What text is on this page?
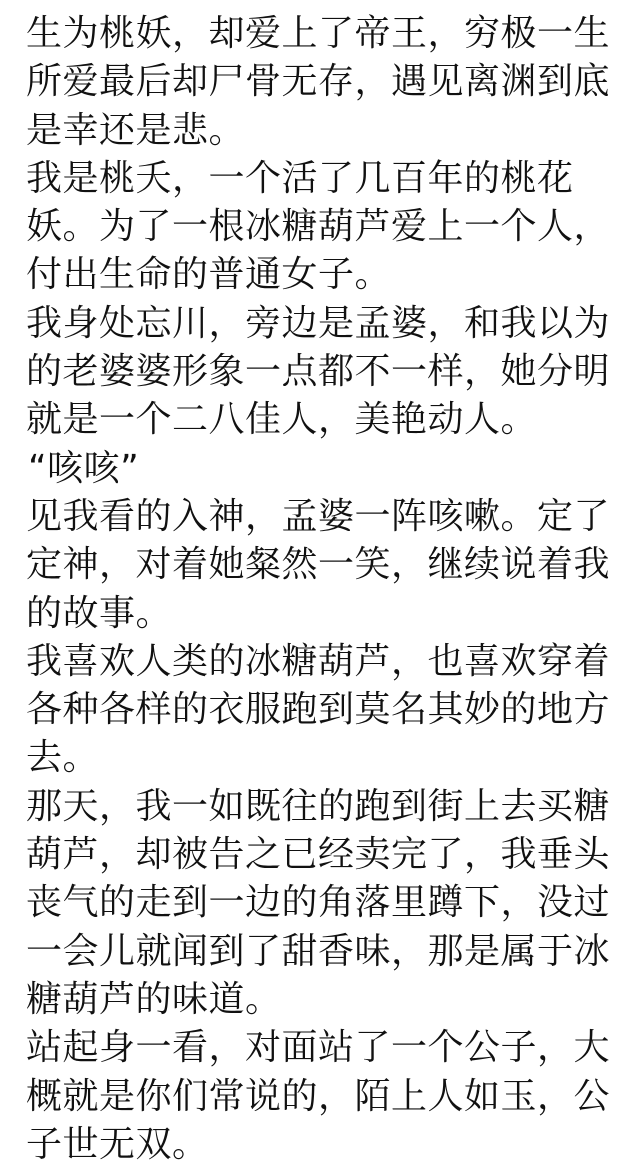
生为桃妖，却爱上了帝王，穷极一生
所爱最后却尸骨无存，遇见离渊到底
是幸还是悲。
我是桃夭，一个活了几百年的桃花
妖。为了一根冰糖葫芦爱上一个人，
付出生命的普通女子。
我身处忘川，旁边是孟婆，和我以为
的老婆婆形象一点都不一样，她分明
就是一个二八佳人，美艳动人。
“咳咳”
见我看的入神，孟婆一阵咳嗽。定了
定神，对着她粲然一笑，继续说着我
的故事。
我喜欢人类的冰糖葫芦，也喜欢穿着
各种各样的衣服跑到莫名其妙的地方
去。
那天，我一如既往的跑到街上去买糖
葫芦，却被告之已经卖完了，我垂头
丧气的走到一边的角落里蹲下，没过
一会儿就闻到了甜香味，那是属于冰
糖葫芦的味道。
站起身一看，对面站了一个公子，大
概就是你们常说的，陌上人如玉，公
子世无双。
